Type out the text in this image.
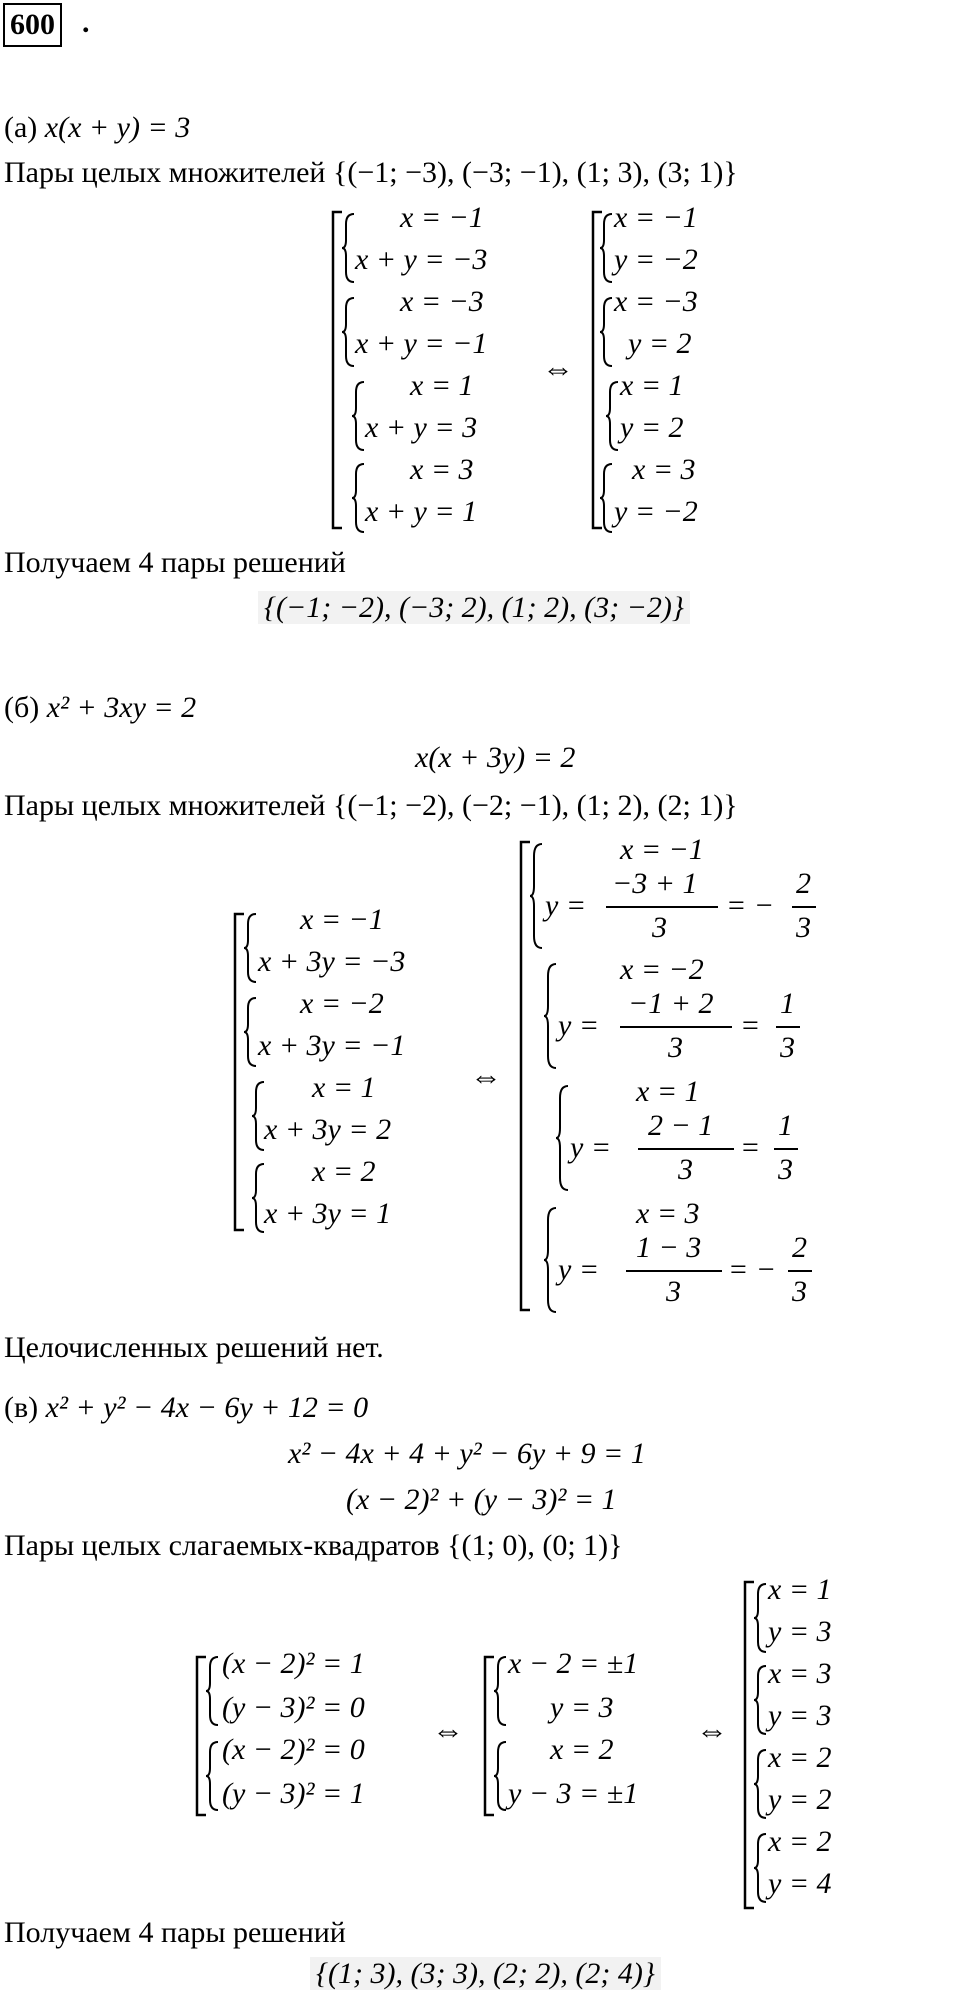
600 .
(а) x(x + y) = 3
Пары целых множителей {(−1; −3), (−3; −1), (1; 3), (3; 1)}
x = −1
x + y = −3
x = −3
x + y = −1
x = 1
x + y = 3
x = 3
x + y = 1
⇔
x = −1
y = −2
x = −3
y = 2
x = 1
y = 2
x = 3
y = −2
Получаем 4 пары решений
{(−1; −2), (−3; 2), (1; 2), (3; −2)}
(б) x² + 3xy = 2
x(x + 3y) = 2
Пары целых множителей {(−1; −2), (−2; −1), (1; 2), (2; 1)}
x = −1
x + 3y = −3
x = −2
x + 3y = −1
x = 1
x + 3y = 2
x = 2
x + 3y = 1
⇔
x = −1
y =
−3 + 1
3
= −
2
3
x = −2
y =
−1 + 2
3
=
1
3
x = 1
y =
2 − 1
3
=
1
3
x = 3
y =
1 − 3
3
= −
2
3
Целочисленных решений нет.
(в) x² + y² − 4x − 6y + 12 = 0
x² − 4x + 4 + y² − 6y + 9 = 1
(x − 2)² + (y − 3)² = 1
Пары целых слагаемых-квадратов {(1; 0), (0; 1)}
(x − 2)² = 1
(y − 3)² = 0
(x − 2)² = 0
(y − 3)² = 1
⇔
x − 2 = ±1
y = 3
x = 2
y − 3 = ±1
⇔
x = 1
y = 3
x = 3
y = 3
x = 2
y = 2
x = 2
y = 4
Получаем 4 пары решений
{(1; 3), (3; 3), (2; 2), (2; 4)}
